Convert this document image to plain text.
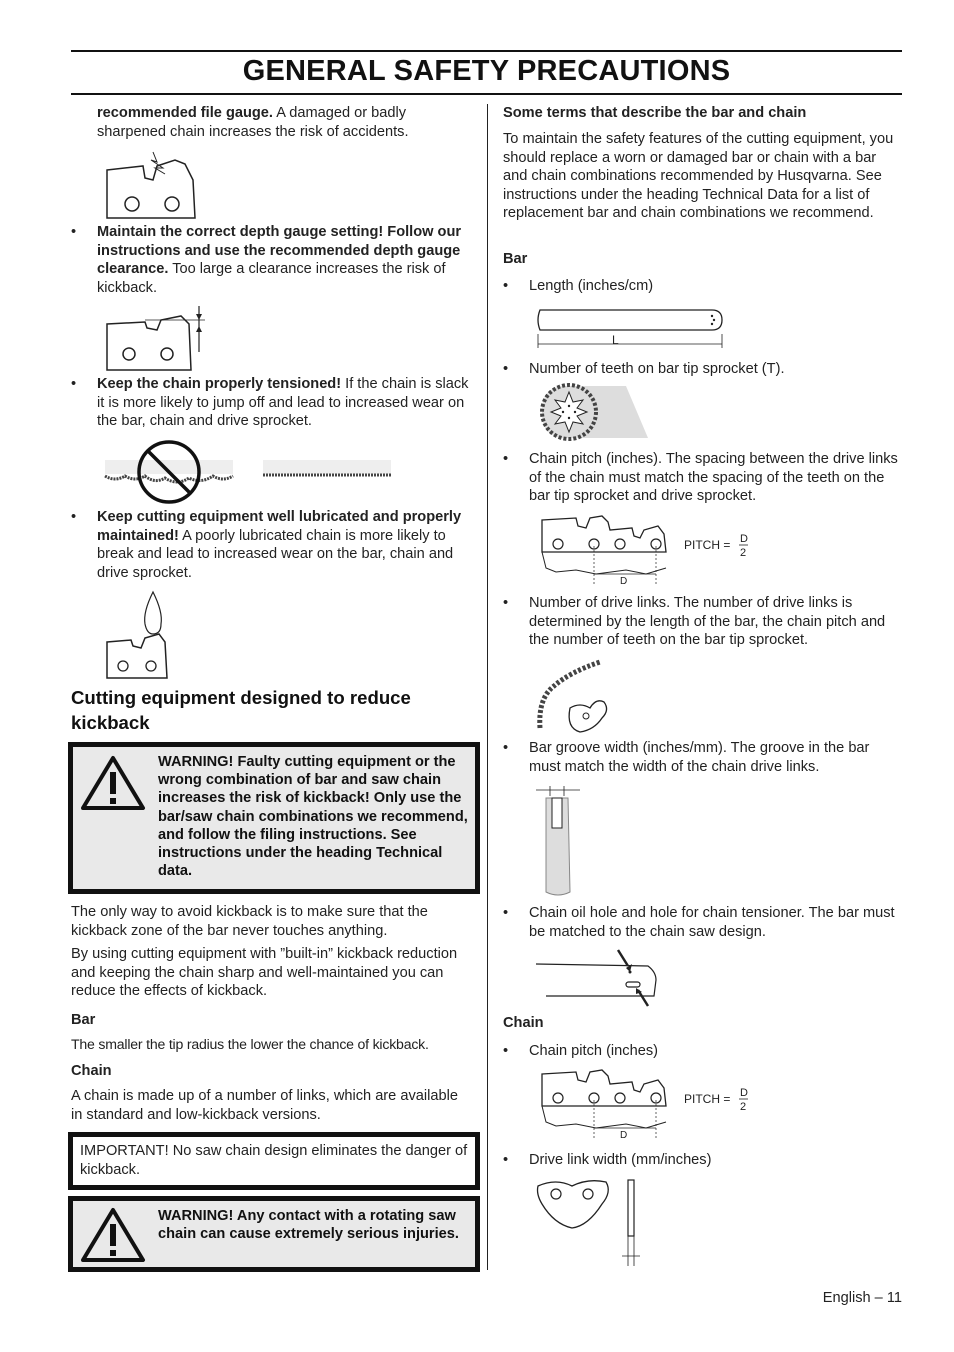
GENERAL SAFETY PRECAUTIONS
recommended file gauge. A damaged or badly sharpened chain increases the risk of accidents.
• Maintain the correct depth gauge setting! Follow our instructions and use the recommended depth gauge clearance. Too large a clearance increases the risk of kickback.
• Keep the chain properly tensioned! If the chain is slack it is more likely to jump off and lead to increased wear on the bar, chain and drive sprocket.
• Keep cutting equipment well lubricated and properly maintained! A poorly lubricated chain is more likely to break and lead to increased wear on the bar, chain and drive sprocket.
Cutting equipment designed to reduce kickback
WARNING! Faulty cutting equipment or the wrong combination of bar and saw chain increases the risk of kickback! Only use the bar/saw chain combinations we recommend, and follow the filing instructions. See instructions under the heading Technical data.
The only way to avoid kickback is to make sure that the kickback zone of the bar never touches anything.
By using cutting equipment with ”built-in” kickback reduction and keeping the chain sharp and well-maintained you can reduce the effects of kickback.
Bar
The smaller the tip radius the lower the chance of kickback.
Chain
A chain is made up of a number of links, which are available in standard and low-kickback versions.
IMPORTANT! No saw chain design eliminates the danger of kickback.
WARNING! Any contact with a rotating saw chain can cause extremely serious injuries.
Some terms that describe the bar and chain
To maintain the safety features of the cutting equipment, you should replace a worn or damaged bar or chain with a bar and chain combinations recommended by Husqvarna. See instructions under the heading Technical Data for a list of replacement bar and chain combinations we recommend.
Bar
• Length (inches/cm)
L
• Number of teeth on bar tip sprocket (T).
• Chain pitch (inches). The spacing between the drive links of the chain must match the spacing of the teeth on the bar tip sprocket and drive sprocket.
D
PITCH = D
2
• Number of drive links. The number of drive links is determined by the length of the bar, the chain pitch and the number of teeth on the bar tip sprocket.
• Bar groove width (inches/mm). The groove in the bar must match the width of the chain drive links.
• Chain oil hole and hole for chain tensioner. The bar must be matched to the chain saw design.
Chain
• Chain pitch (inches)
D
PITCH = D
2
• Drive link width (mm/inches)
English – 11
